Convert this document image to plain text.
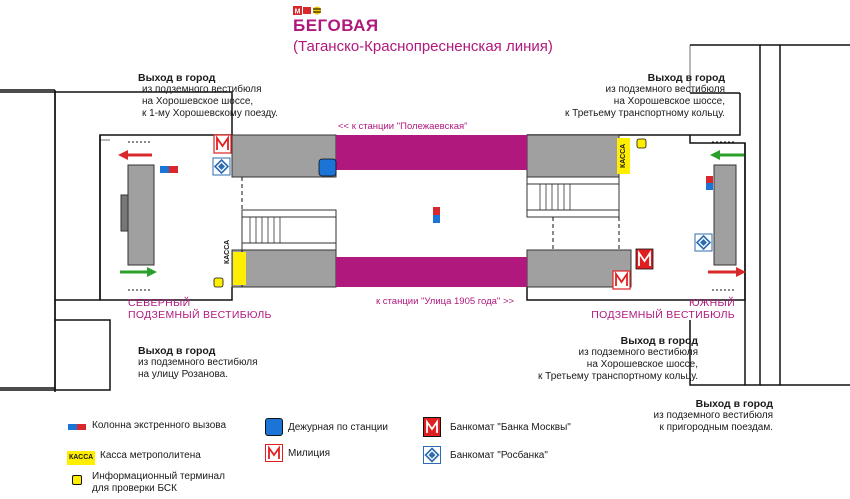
M
БЕГОВАЯ
(Таганско-Краснопресненская линия)
КАССА
КАССА
<< к станции "Полежаевская"
к станции "Улица 1905 года" >>
СЕВЕРНЫЙ
ПОДЗЕМНЫЙ ВЕСТИБЮЛЬ
ЮЖНЫЙ
ПОДЗЕМНЫЙ ВЕСТИБЮЛЬ
Выход в город
из подземного вестибюля
на Хорошевское шоссе,
к 1-му Хорошевскому поезду.
Выход в город
из подземного вестибюля
на Хорошевское шоссе,
к Третьему транспортному кольцу.
Выход в город
из подземного вестибюля
на улицу Розанова.
Выход в город
из подземного вестибюля
на Хорошевское шоссе,
к Третьему транспортному кольцу.
Выход в город
из подземного вестибюля
к пригородным поездам.
Колонна экстренного вызова
КАССА Касса метрополитена
Информационный терминал
для проверки БСК
Дежурная по станции
Милиция
Банкомат "Банка Москвы"
Банкомат "Росбанка"
